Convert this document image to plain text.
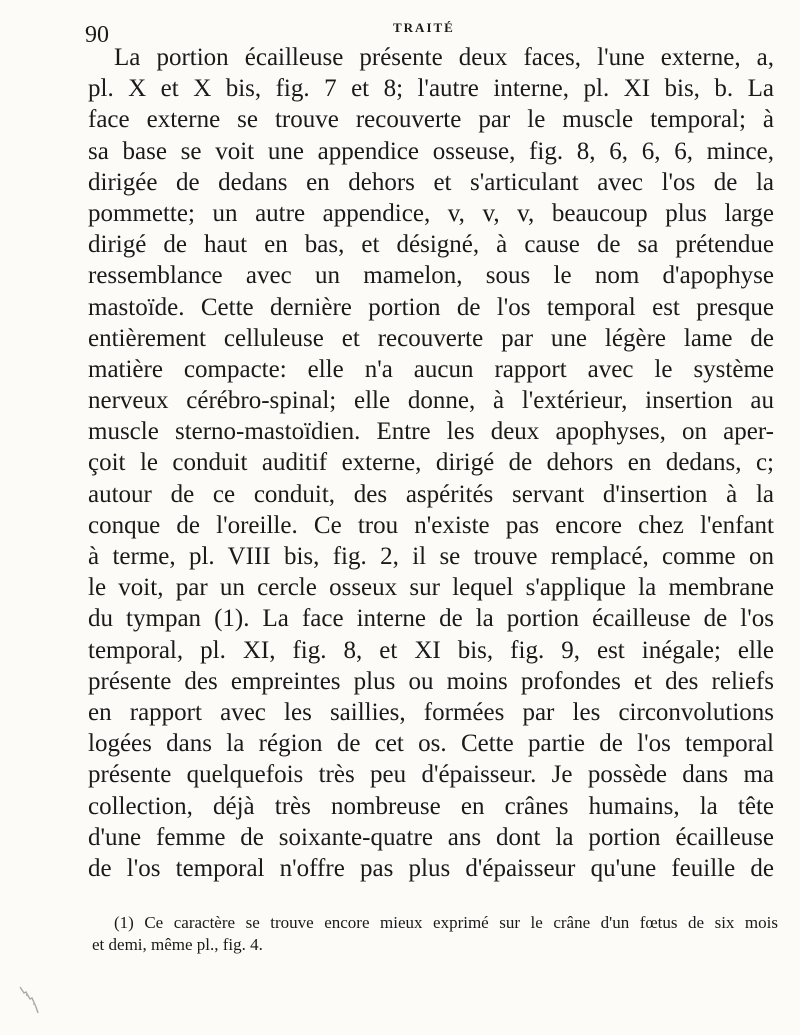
90	TRAITÉ
La portion écailleuse présente deux faces, l'une externe, a,
pl. X et X bis, fig. 7 et 8; l'autre interne, pl. XI bis, b. La
face externe se trouve recouverte par le muscle temporal; à
sa base se voit une appendice osseuse, fig. 8, 6, 6, 6, mince,
dirigée de dedans en dehors et s'articulant avec l'os de la
pommette; un autre appendice, v, v, v, beaucoup plus large
dirigé de haut en bas, et désigné, à cause de sa prétendue
ressemblance avec un mamelon, sous le nom d'apophyse
mastoïde. Cette dernière portion de l'os temporal est presque
entièrement celluleuse et recouverte par une légère lame de
matière compacte: elle n'a aucun rapport avec le système
nerveux cérébro-spinal; elle donne, à l'extérieur, insertion au
muscle sterno-mastoïdien. Entre les deux apophyses, on aper-
çoit le conduit auditif externe, dirigé de dehors en dedans, c;
autour de ce conduit, des aspérités servant d'insertion à la
conque de l'oreille. Ce trou n'existe pas encore chez l'enfant
à terme, pl. VIII bis, fig. 2, il se trouve remplacé, comme on
le voit, par un cercle osseux sur lequel s'applique la membrane
du tympan (1). La face interne de la portion écailleuse de l'os
temporal, pl. XI, fig. 8, et XI bis, fig. 9, est inégale; elle
présente des empreintes plus ou moins profondes et des reliefs
en rapport avec les saillies, formées par les circonvolutions
logées dans la région de cet os. Cette partie de l'os temporal
présente quelquefois très peu d'épaisseur. Je possède dans ma
collection, déjà très nombreuse en crânes humains, la tête
d'une femme de soixante-quatre ans dont la portion écailleuse
de l'os temporal n'offre pas plus d'épaisseur qu'une feuille de
(1) Ce caractère se trouve encore mieux exprimé sur le crâne d'un fœtus de six mois
et demi, même pl., fig. 4.
